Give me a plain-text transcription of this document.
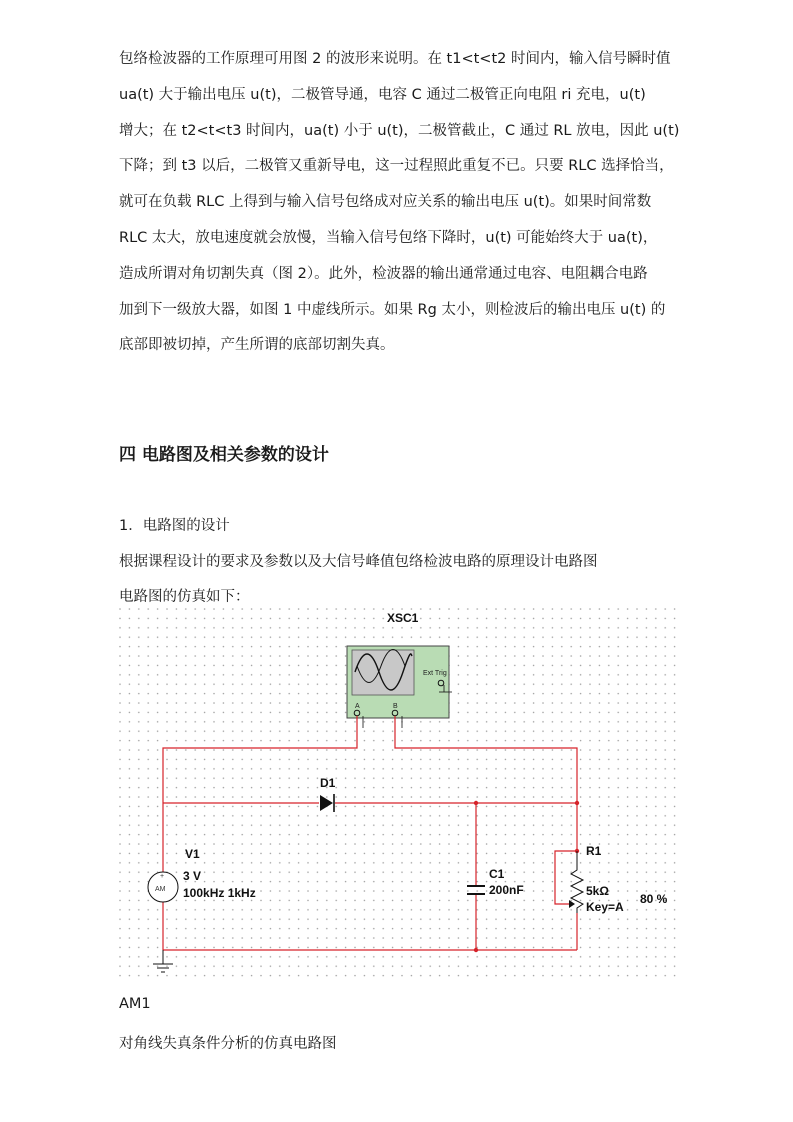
包络检波器的工作原理可用图 2 的波形来说明。在 t1<t<t2 时间内，输入信号瞬时值
ua(t) 大于输出电压 u(t)，二极管导通，电容 C 通过二极管正向电阻 ri 充电，u(t)
增大；在 t2<t<t3 时间内，ua(t) 小于 u(t)，二极管截止，C 通过 RL 放电，因此 u(t)
下降；到 t3 以后，二极管又重新导电，这一过程照此重复不已。只要 RLC 选择恰当，
就可在负载 RLC 上得到与输入信号包络成对应关系的输出电压 u(t)。如果时间常数
RLC 太大，放电速度就会放慢，当输入信号包络下降时，u(t) 可能始终大于 ua(t)，
造成所谓对角切割失真（图 2）。此外，检波器的输出通常通过电容、电阻耦合电路
加到下一级放大器，如图 1 中虚线所示。如果 Rg 太小，则检波后的输出电压 u(t) 的
底部即被切掉，产生所谓的底部切割失真。
四 电路图及相关参数的设计

1．电路图的设计

根据课程设计的要求及参数以及大信号峰值包络检波电路的原理设计电路图

电路图的仿真如下：

XSC1
Ext Trig
A	B
D1
AM
+
V1
3 V
100kHz 1kHz
C1
200nF
R1
5kΩ
Key=A
80 %

AM1

对角线失真条件分析的仿真电路图
